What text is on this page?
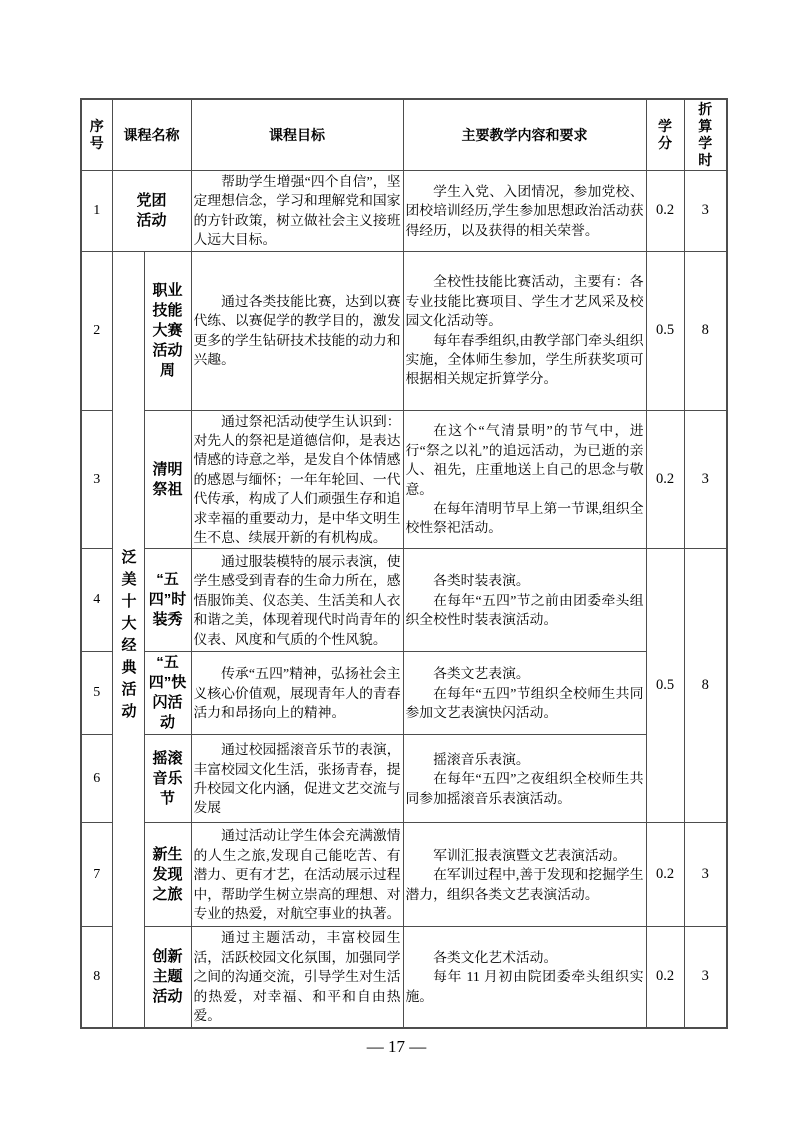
序号	课程名称		课程目标	主要教学内容和要求	学分	折算学时
1	党团活动		帮助学生增强“四个自信”，坚定理想信念，学习和理解党和国家的方针政策，树立做社会主义接班人远大目标。	学生入党、入团情况，参加党校、团校培训经历,学生参加思想政治活动获得经历，以及获得的相关荣誉。	0.2	3
2	泛美十大经典活动	职业技能大赛活动周	通过各类技能比赛，达到以赛代练、以赛促学的教学目的，激发更多的学生钻研技术技能的动力和兴趣。	全校性技能比赛活动，主要有：各专业技能比赛项目、学生才艺风采及校园文化活动等。

每年春季组织,由教学部门牵头组织实施，全体师生参加，学生所获奖项可根据相关规定折算学分。	0.5	8
3		清明祭祖	通过祭祀活动使学生认识到：对先人的祭祀是道德信仰，是表达情感的诗意之举，是发自个体情感的感恩与缅怀；一年年轮回、一代代传承，构成了人们顽强生存和追求幸福的重要动力，是中华文明生生不息、续展开新的有机构成。	在这个“气清景明”的节气中，进行“祭之以礼”的追远活动，为已逝的亲人、祖先，庄重地送上自己的思念与敬意。

在每年清明节早上第一节课,组织全校性祭祀活动。	0.2	3
4		“五四”时装秀	通过服装模特的展示表演，使学生感受到青春的生命力所在，感悟服饰美、仪态美、生活美和人衣和谐之美，体现着现代时尚青年的仪表、风度和气质的个性风貌。	各类时装表演。

在每年“五四”节之前由团委牵头组织全校性时装表演活动。	0.5	8
5		“五四”快闪活动	传承“五四”精神，弘扬社会主义核心价值观，展现青年人的青春活力和昂扬向上的精神。	各类文艺表演。

在每年“五四”节组织全校师生共同参加文艺表演快闪活动。		

6		摇滚音乐节	通过校园摇滚音乐节的表演，丰富校园文化生活，张扬青春，提升校园文化内涵，促进文艺交流与发展	摇滚音乐表演。

在每年“五四”之夜组织全校师生共同参加摇滚音乐表演活动。		

7		新生发现之旅	通过活动让学生体会充满激情的人生之旅,发现自己能吃苦、有潜力、更有才艺，在活动展示过程中，帮助学生树立崇高的理想、对专业的热爱，对航空事业的执著。	军训汇报表演暨文艺表演活动。

在军训过程中,善于发现和挖掘学生潜力，组织各类文艺表演活动。	0.2	3
8		创新主题活动	通过主题活动，丰富校园生活，活跃校园文化氛围，加强同学之间的沟通交流，引导学生对生活的热爱，对幸福、和平和自由热爱。	各类文化艺术活动。

每年 11 月初由院团委牵头组织实施。	0.2	3
— 17 —
